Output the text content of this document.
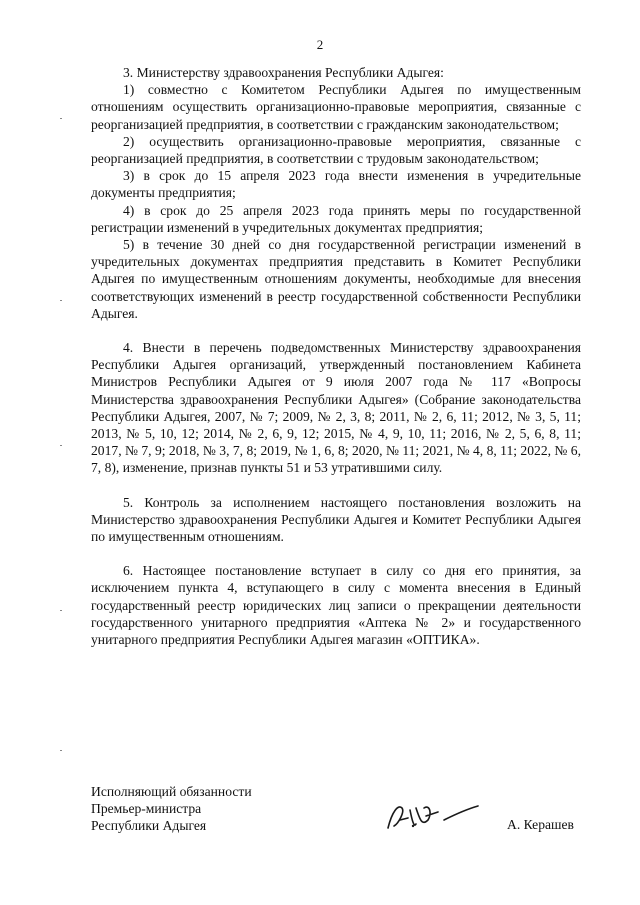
2

3. Министерству здравоохранения Республики Адыгея:

1) совместно с Комитетом Республики Адыгея по имущественным отношениям осуществить организационно-правовые мероприятия, связанные с реорганизацией предприятия, в соответствии с гражданским законодательством;

2) осуществить организационно-правовые мероприятия, связанные с реорганизацией предприятия, в соответствии с трудовым законодательством;

3) в срок до 15 апреля 2023 года внести изменения в учредительные документы предприятия;

4) в срок до 25 апреля 2023 года принять меры по государственной регистрации изменений в учредительных документах предприятия;

5) в течение 30 дней со дня государственной регистрации изменений в учредительных документах предприятия представить в Комитет Республики Адыгея по имущественным отношениям документы, необходимые для внесения соответствующих изменений в реестр государственной собственности Республики Адыгея.

4. Внести в перечень подведомственных Министерству здравоохранения Республики Адыгея организаций, утвержденный постановлением Кабинета Министров Республики Адыгея от 9 июля 2007 года № 117 «Вопросы Министерства здравоохранения Республики Адыгея» (Собрание законодательства Республики Адыгея, 2007, № 7; 2009, № 2, 3, 8; 2011, № 2, 6, 11; 2012, № 3, 5, 11; 2013, № 5, 10, 12; 2014, № 2, 6, 9, 12; 2015, № 4, 9, 10, 11; 2016, № 2, 5, 6, 8, 11; 2017, № 7, 9; 2018, № 3, 7, 8; 2019, № 1, 6, 8; 2020, № 11; 2021, № 4, 8, 11; 2022, № 6, 7, 8), изменение, признав пункты 51 и 53 утратившими силу.

5. Контроль за исполнением настоящего постановления возложить на Министерство здравоохранения Республики Адыгея и Комитет Республики Адыгея по имущественным отношениям.

6. Настоящее постановление вступает в силу со дня его принятия, за исключением пункта 4, вступающего в силу с момента внесения в Единый государственный реестр юридических лиц записи о прекращении деятельности государственного унитарного предприятия «Аптека № 2» и государственного унитарного предприятия Республики Адыгея магазин «ОПТИКА».

Исполняющий обязанности
Премьер-министра
Республики Адыгея	А. Керашев
